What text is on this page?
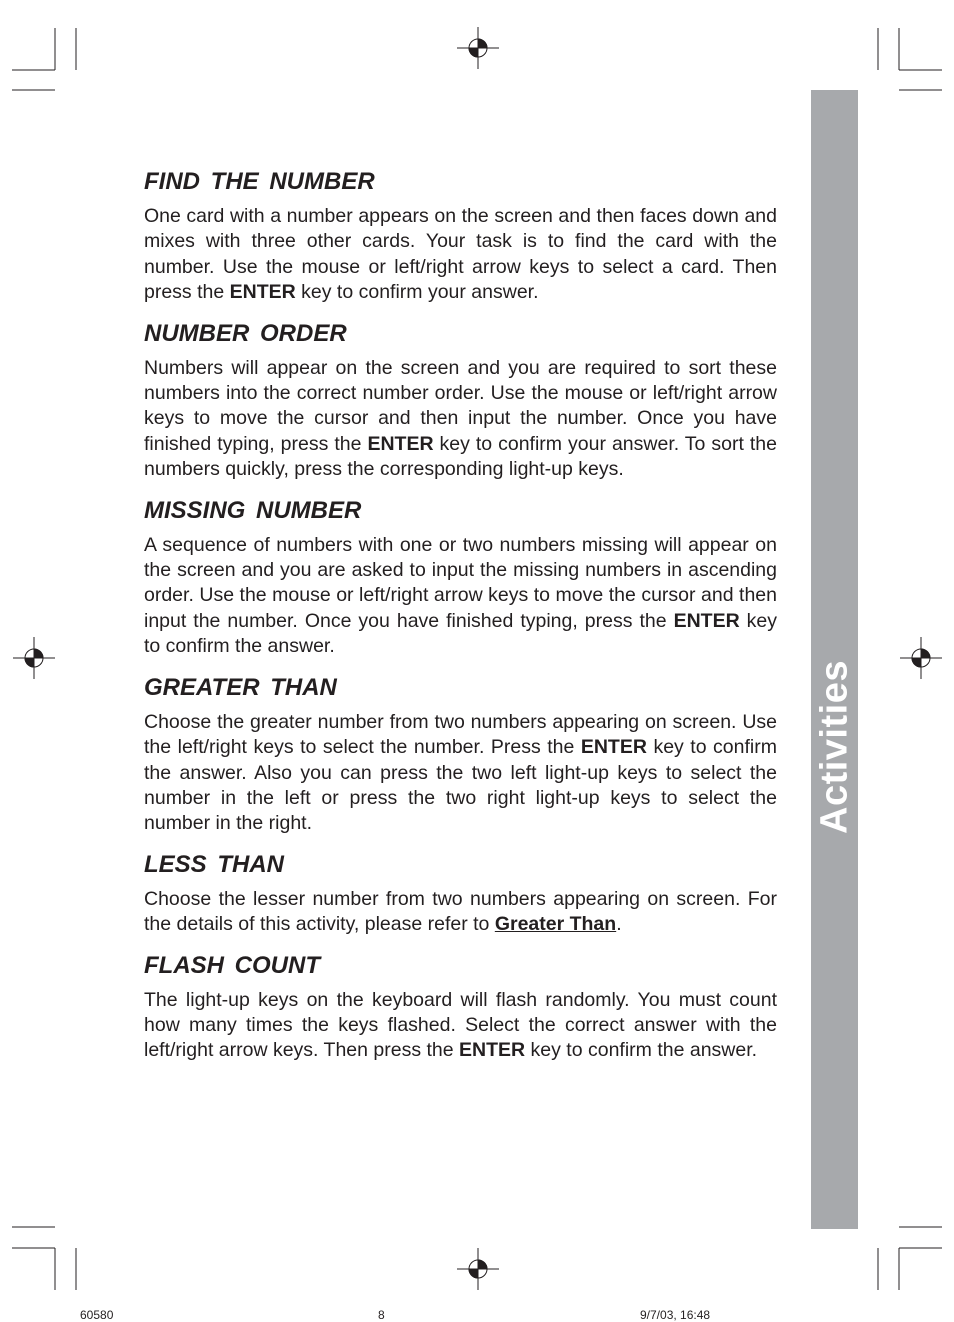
Activities
FIND THE NUMBER

One card with a number appears on the screen and then faces down and mixes with three other cards. Your task is to find the card with the number. Use the mouse or left/right arrow keys to select a card. Then press the ENTER key to confirm your answer.

NUMBER ORDER

Numbers will appear on the screen and you are required to sort these numbers into the correct number order. Use the mouse or left/right arrow keys to move the cursor and then input the number. Once you have finished typing, press the ENTER key to confirm your answer. To sort the numbers quickly, press the corresponding light-up keys.

MISSING NUMBER

A sequence of numbers with one or two numbers missing will appear on the screen and you are asked to input the missing numbers in ascending order. Use the mouse or left/right arrow keys to move the cursor and then input the number. Once you have finished typing, press the ENTER key to confirm the answer.

GREATER THAN

Choose the greater number from two numbers appearing on screen. Use the left/right keys to select the number. Press the ENTER key to confirm the answer. Also you can press the two left light-up keys to select the number in the left or press the two right light-up keys to select the number in the right.

LESS THAN

Choose the lesser number from two numbers appearing on screen. For the details of this activity, please refer to Greater Than.

FLASH COUNT

The light-up keys on the keyboard will flash randomly. You must count how many times the keys flashed. Select the correct answer with the left/right arrow keys. Then press the ENTER key to confirm the answer.

60580	8	9/7/03, 16:48
